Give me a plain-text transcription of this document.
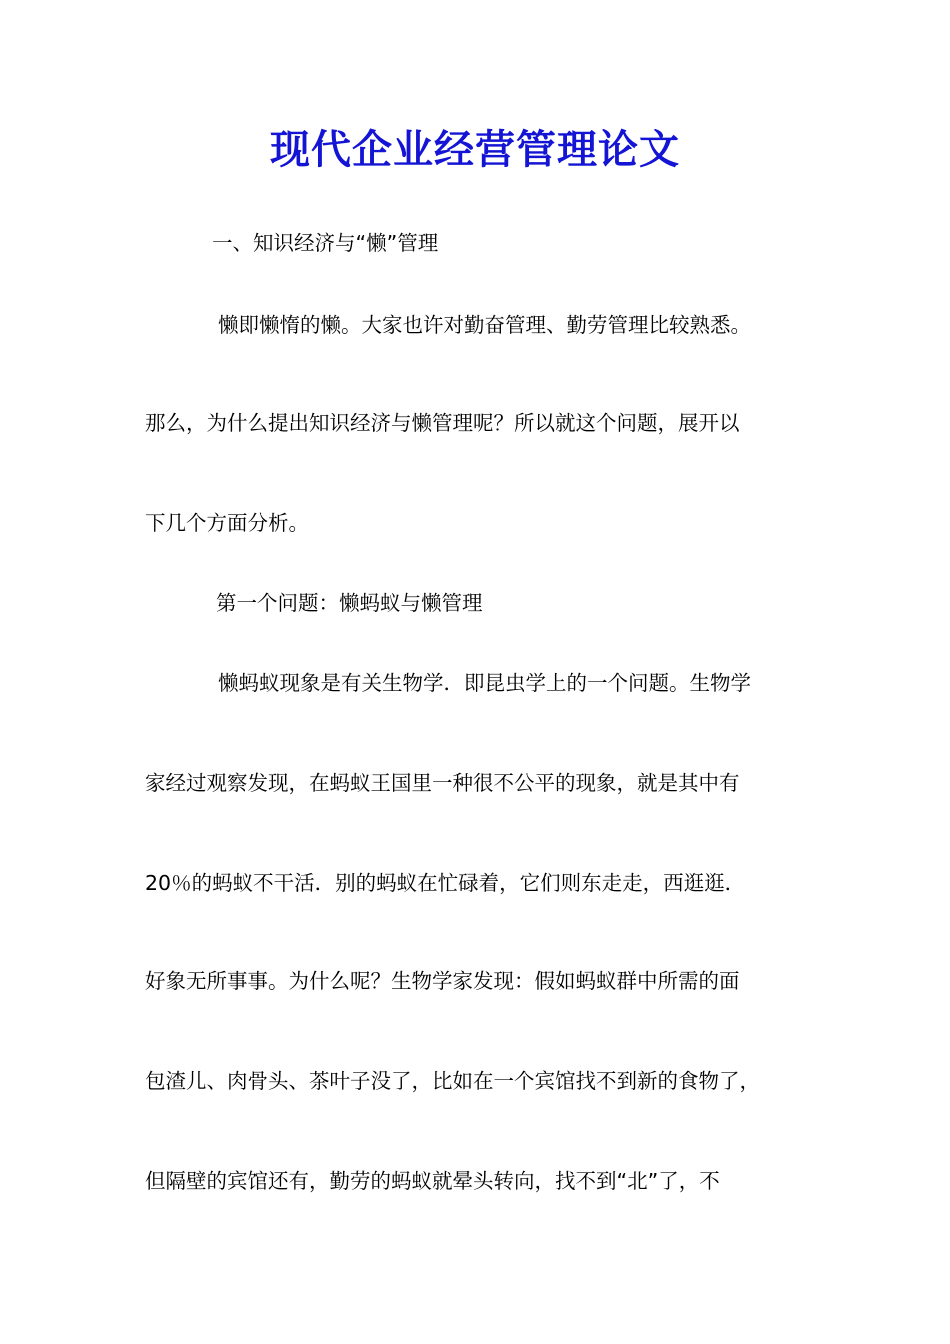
现代企业经营管理论文
一、知识经济与“懒”管理
懒即懒惰的懒。大家也许对勤奋管理、勤劳管理比较熟悉。
那么，为什么提出知识经济与懒管理呢？所以就这个问题，展开以
下几个方面分析。
第一个问题：懒蚂蚁与懒管理
懒蚂蚁现象是有关生物学．即昆虫学上的一个问题。生物学
家经过观察发现，在蚂蚁王国里一种很不公平的现象，就是其中有
20％的蚂蚁不干活．别的蚂蚁在忙碌着，它们则东走走，西逛逛．
好象无所事事。为什么呢？生物学家发现：假如蚂蚁群中所需的面
包渣儿、肉骨头、茶叶子没了，比如在一个宾馆找不到新的食物了，
但隔壁的宾馆还有，勤劳的蚂蚁就晕头转向，找不到“北”了，不
